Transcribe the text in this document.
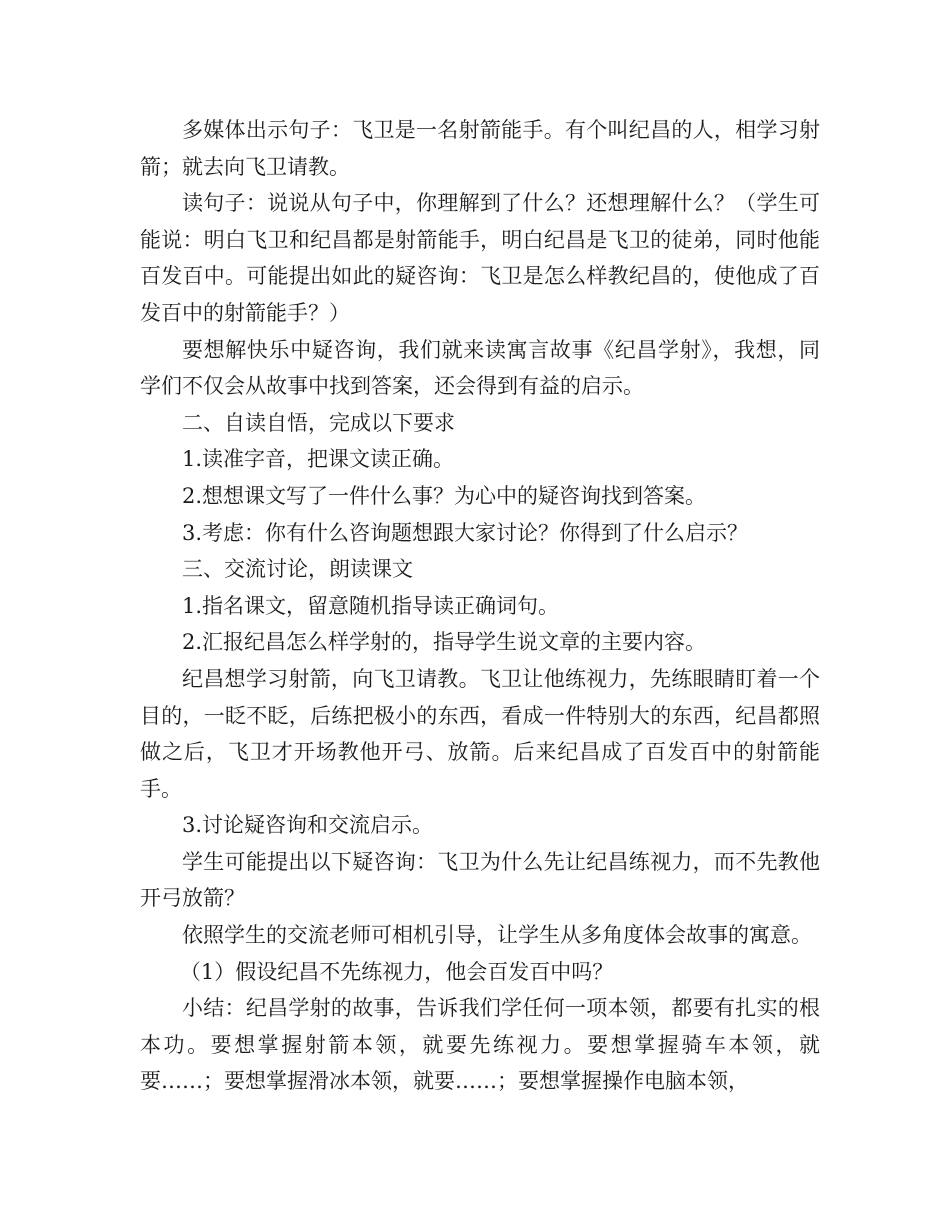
多媒体出示句子：飞卫是一名射箭能手。有个叫纪昌的人，相学习射箭；就去向飞卫请教。

读句子：说说从句子中，你理解到了什么？还想理解什么？（学生可能说：明白飞卫和纪昌都是射箭能手，明白纪昌是飞卫的徒弟，同时他能百发百中。可能提出如此的疑咨询：飞卫是怎么样教纪昌的，使他成了百发百中的射箭能手？）

要想解快乐中疑咨询，我们就来读寓言故事《纪昌学射》，我想，同学们不仅会从故事中找到答案，还会得到有益的启示。

二、自读自悟，完成以下要求

1.读准字音，把课文读正确。

2.想想课文写了一件什么事？为心中的疑咨询找到答案。

3.考虑：你有什么咨询题想跟大家讨论？你得到了什么启示？

三、交流讨论，朗读课文

1.指名课文，留意随机指导读正确词句。

2.汇报纪昌怎么样学射的，指导学生说文章的主要内容。

纪昌想学习射箭，向飞卫请教。飞卫让他练视力，先练眼睛盯着一个目的，一眨不眨，后练把极小的东西，看成一件特别大的东西，纪昌都照做之后，飞卫才开场教他开弓、放箭。后来纪昌成了百发百中的射箭能手。

3.讨论疑咨询和交流启示。

学生可能提出以下疑咨询：飞卫为什么先让纪昌练视力，而不先教他开弓放箭？

依照学生的交流老师可相机引导，让学生从多角度体会故事的寓意。

（1）假设纪昌不先练视力，他会百发百中吗？

小结：纪昌学射的故事，告诉我们学任何一项本领，都要有扎实的根本功。要想掌握射箭本领，就要先练视力。要想掌握骑车本领，就要……；要想掌握滑冰本领，就要……；要想掌握操作电脑本领，
